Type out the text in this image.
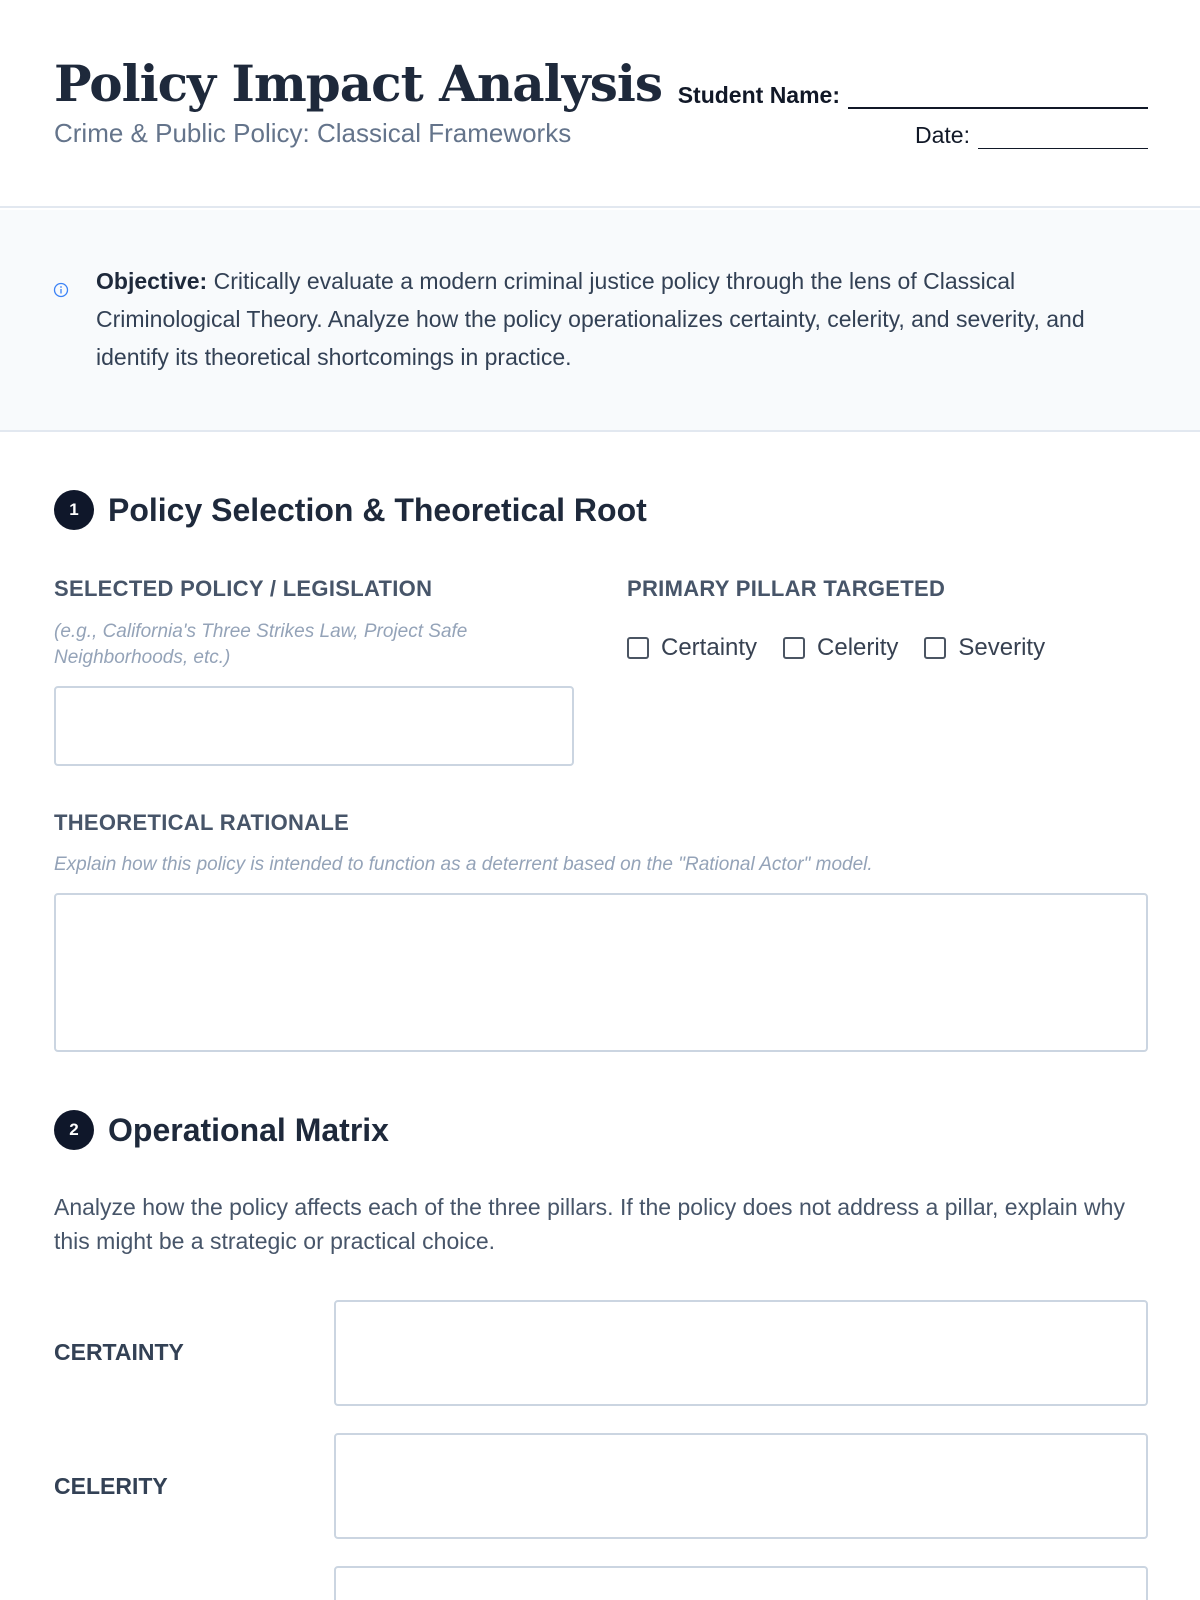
Policy Impact Analysis
Crime & Public Policy: Classical Frameworks
Student Name:
Date:
Objective: Critically evaluate a modern criminal justice policy through the lens of Classical Criminological Theory. Analyze how the policy operationalizes certainty, celerity, and severity, and identify its theoretical shortcomings in practice.
1 Policy Selection & Theoretical Root
SELECTED POLICY / LEGISLATION
(e.g., California's Three Strikes Law, Project Safe Neighborhoods, etc.)
PRIMARY PILLAR TARGETED
Certainty	Celerity	Severity
THEORETICAL RATIONALE
Explain how this policy is intended to function as a deterrent based on the "Rational Actor" model.
2 Operational Matrix
Analyze how the policy affects each of the three pillars. If the policy does not address a pillar, explain why this might be a strategic or practical choice.
CERTAINTY
CELERITY
